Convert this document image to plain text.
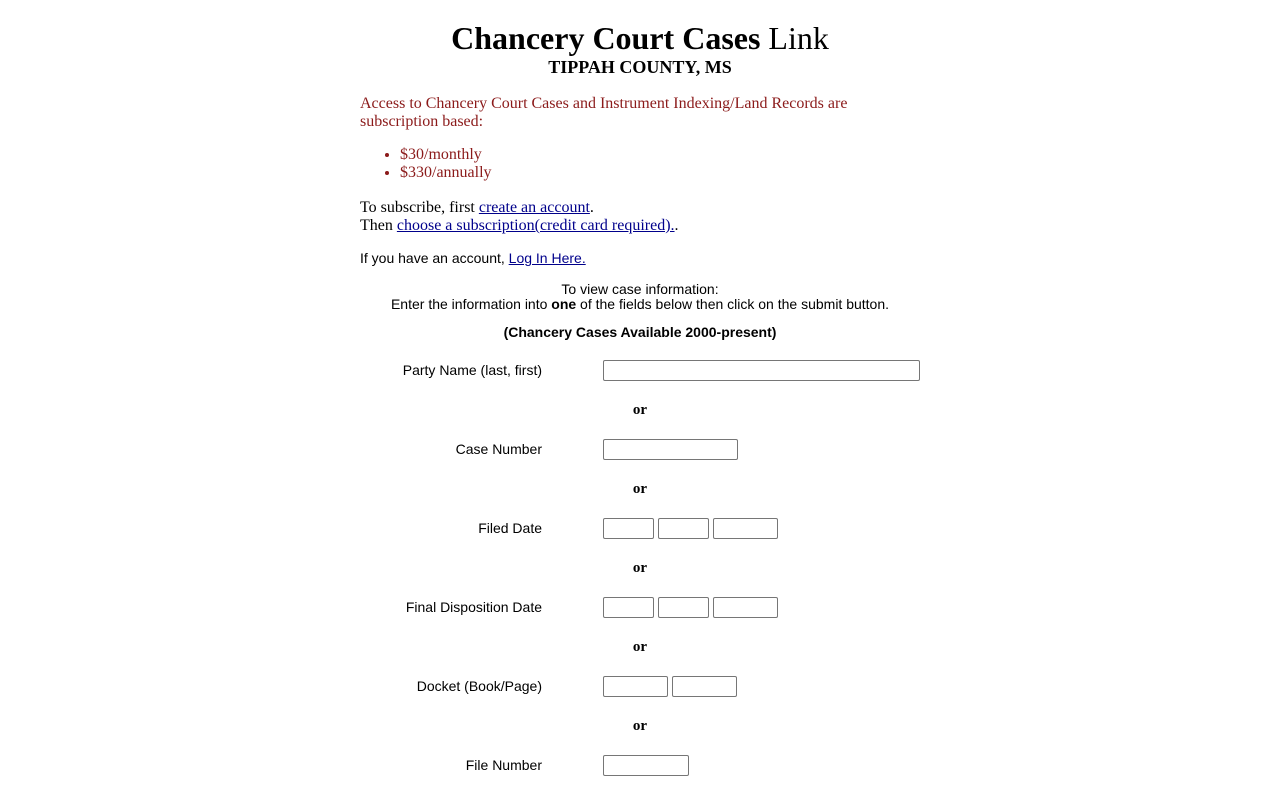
Chancery Court Cases Link
TIPPAH COUNTY, MS
Access to Chancery Court Cases and Instrument Indexing/Land Records are
subscription based:
• $30/monthly
• $330/annually
To subscribe, first create an account.
Then choose a subscription(credit card required)..
If you have an account, Log In Here.
To view case information:
Enter the information into one of the fields below then click on the submit button.
(Chancery Cases Available 2000-present)
Party Name (last, first)
or
Case Number
or
Filed Date
or
Final Disposition Date
or
Docket (Book/Page)
or
File Number
